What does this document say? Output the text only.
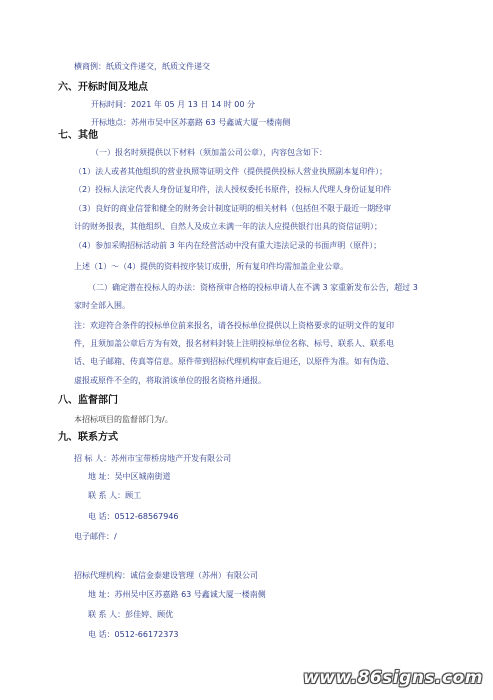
横商例：纸质文件递交，纸质文件递交
六、开标时间及地点
开标时间：2021 年 05 月 13 日 14 时 00 分
开标地点：苏州市吴中区苏嘉路 63 号鑫诚大厦一楼南侧
七、其他
（一）报名时须提供以下材料（须加盖公司公章），内容包含如下：
（1）法人或者其他组织的营业执照等证明文件（提供提供投标人营业执照副本复印件）；
（2）投标人法定代表人身份证复印件，法人授权委托书原件，投标人代理人身份证复印件
（3）良好的商业信誉和健全的财务会计制度证明的相关材料（包括但不限于最近一期经审
计的财务报表，其他组织、自然人及成立未满一年的法人应提供银行出具的资信证明）；
（4）参加采购招标活动前 3 年内在经营活动中没有重大违法记录的书面声明（原件）；
上述（1）～（4）提供的资料按序装订成册，所有复印件均需加盖企业公章。
（二）确定潜在投标人的办法：资格预审合格的投标申请人在不满 3 家重新发布公告，超过 3
家时全部入围。
注：欢迎符合条件的投标单位前来报名，请各投标单位提供以上资格要求的证明文件的复印
件，且须加盖公章后方为有效，报名材料封装上注明投标单位名称、标号、联系人、联系电
话、电子邮箱、传真等信息。原件带到招标代理机构审查后退还，以原件为准。如有伪造、
虚报或原件不全的，将取消该单位的报名资格并通报。
八、监督部门
本招标项目的监督部门为/。
九、联系方式
招 标 人：苏州市宝带桥房地产开发有限公司
地 址：吴中区城南街道
联 系 人：顾工
电 话：0512-68567946
电子邮件：/
招标代理机构：诚信金泰建设管理（苏州）有限公司
地 址：苏州吴中区苏嘉路 63 号鑫诚大厦一楼南侧
联 系 人：彭佳婷、顾优
电 话：0512-66172373
www.86signs.com
